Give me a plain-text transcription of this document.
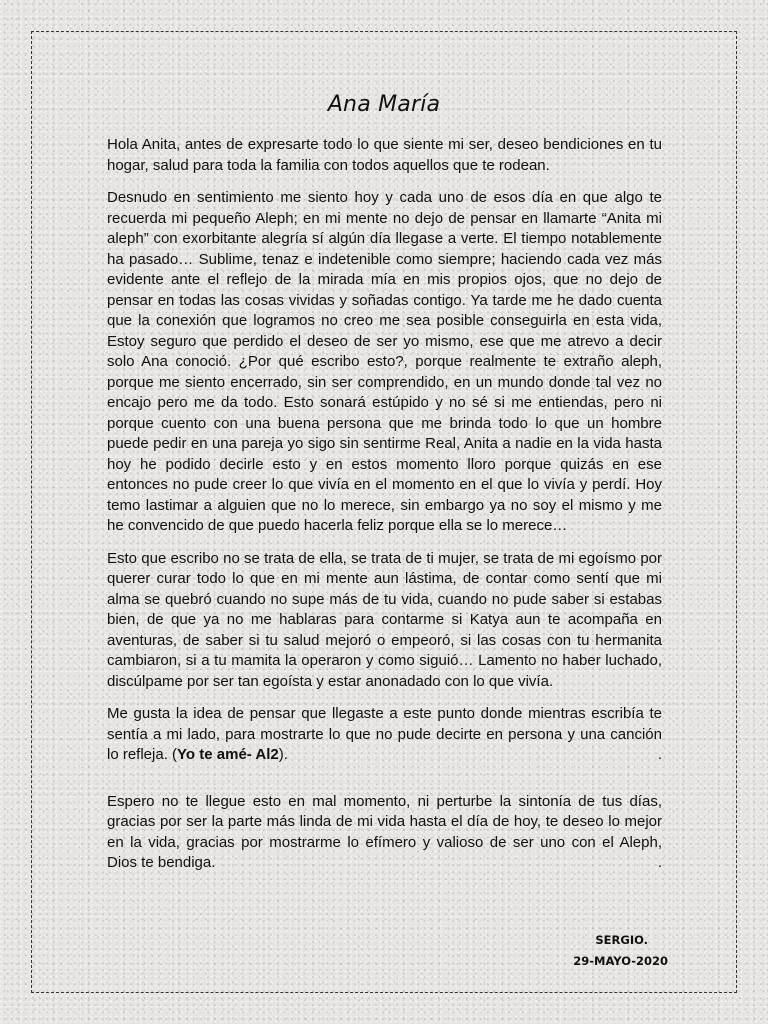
Ana María

Hola Anita, antes de expresarte todo lo que siente mi ser, deseo bendiciones en tu hogar, salud para toda la familia con todos aquellos que te rodean.

Desnudo en sentimiento me siento hoy y cada uno de esos día en que algo te recuerda mi pequeño Aleph; en mi mente no dejo de pensar en llamarte “Anita mi aleph” con exorbitante alegría sí algún día llegase a verte. El tiempo notablemente ha pasado… Sublime, tenaz e indetenible como siempre; haciendo cada vez más evidente ante el reflejo de la mirada mía en mis propios ojos, que no dejo de pensar en todas las cosas vividas y soñadas contigo. Ya tarde me he dado cuenta que la conexión que logramos no creo me sea posible conseguirla en esta vida, Estoy seguro que perdido el deseo de ser yo mismo, ese que me atrevo a decir solo Ana conoció. ¿Por qué escribo esto?, porque realmente te extraño aleph, porque me siento encerrado, sin ser comprendido, en un mundo donde tal vez no encajo pero me da todo. Esto sonará estúpido y no sé si me entiendas, pero ni porque cuento con una buena persona que me brinda todo lo que un hombre puede pedir en una pareja yo sigo sin sentirme Real, Anita a nadie en la vida hasta hoy he podido decirle esto y en estos momento lloro porque quizás en ese entonces no pude creer lo que vivía en el momento en el que lo vivía y perdí. Hoy temo lastimar a alguien que no lo merece, sin embargo ya no soy el mismo y me he convencido de que puedo hacerla feliz porque ella se lo merece…

Esto que escribo no se trata de ella, se trata de ti mujer, se trata de mi egoísmo por querer curar todo lo que en mi mente aun lástima, de contar como sentí que mi alma se quebró cuando no supe más de tu vida, cuando no pude saber si estabas bien, de que ya no me hablaras para contarme si Katya aun te acompaña en aventuras, de saber si tu salud mejoró o empeoró, si las cosas con tu hermanita cambiaron, si a tu mamita la operaron y como siguió… Lamento no haber luchado, discúlpame por ser tan egoísta y estar anonadado con lo que vivía.

Me gusta la idea de pensar que llegaste a este punto donde mientras escribía te sentía a mi lado, para mostrarte lo que no pude decirte en persona y una canción lo refleja. (Yo te amé- Al2).	.

Espero no te llegue esto en mal momento, ni perturbe la sintonía de tus días, gracias por ser la parte más linda de mi vida hasta el día de hoy, te deseo lo mejor en la vida, gracias por mostrarme lo efímero y valioso de ser uno con el Aleph, Dios te bendiga.	.

SERGIO.
29-MAYO-2020
